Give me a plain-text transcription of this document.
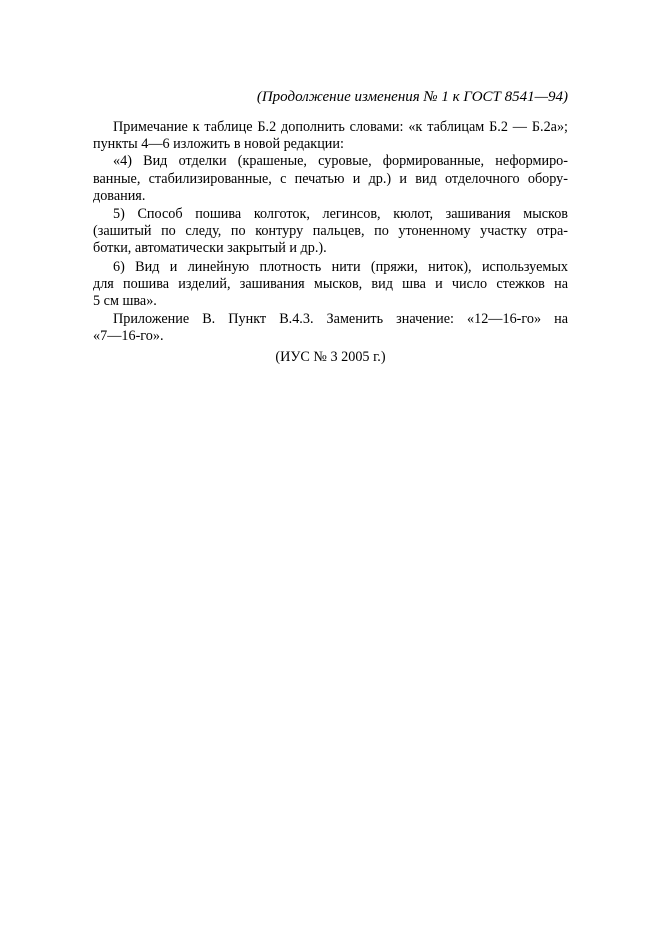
(Продолжение изменения № 1 к ГОСТ 8541—94)
Примечание к таблице Б.2 дополнить словами: «к таблицам Б.2 — Б.2а»;
пункты 4—6 изложить в новой редакции:
«4) Вид отделки (крашеные, суровые, формированные, неформиро-
ванные, стабилизированные, с печатью и др.) и вид отделочного обору-
дования.
5) Способ пошива колготок, легинсов, кюлот, зашивания мысков
(зашитый по следу, по контуру пальцев, по утоненному участку отра-
ботки, автоматически закрытый и др.).
6) Вид и линейную плотность нити (пряжи, ниток), используемых
для пошива изделий, зашивания мысков, вид шва и число стежков на
5 см шва».
Приложение В. Пункт В.4.3. Заменить значение: «12—16-го» на
«7—16-го».
(ИУС № 3 2005 г.)
